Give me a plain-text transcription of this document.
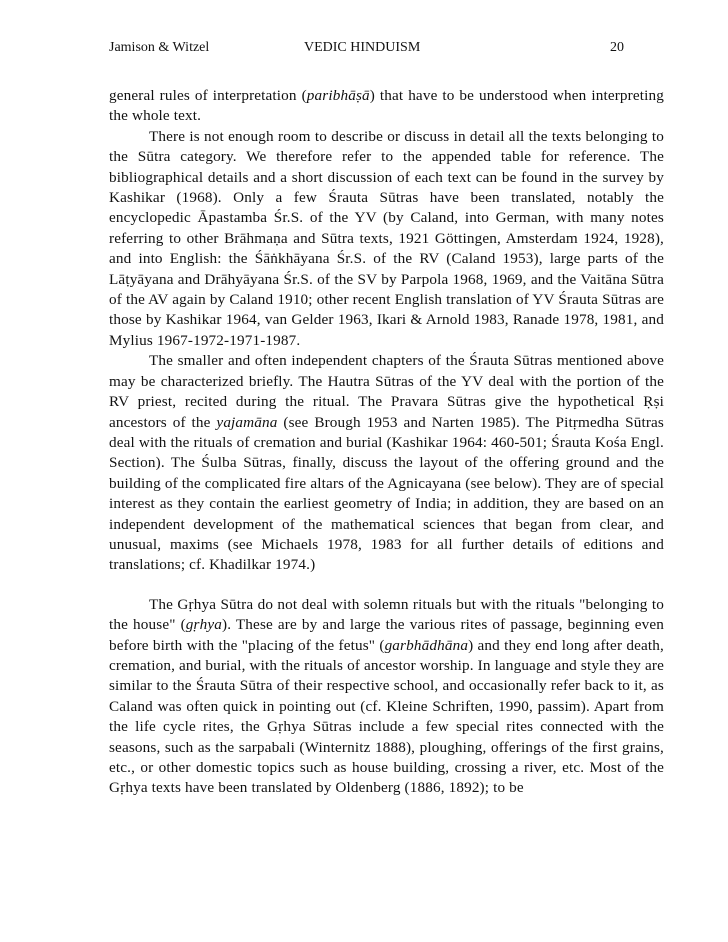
Jamison & Witzel	VEDIC HINDUISM	20

general rules of interpretation (paribhāṣā) that have to be understood when interpreting the whole text.

There is not enough room to describe or discuss in detail all the texts belonging to the Sūtra category. We therefore refer to the appended table for reference. The bibliographical details and a short discussion of each text can be found in the survey by Kashikar (1968). Only a few Śrauta Sūtras have been translated, notably the encyclopedic Āpastamba Śr.S. of the YV (by Caland, into German, with many notes referring to other Brāhmaṇa and Sūtra texts, 1921 Göttingen, Amsterdam 1924, 1928), and into English: the Śāṅkhāyana Śr.S. of the RV (Caland 1953), large parts of the Lāṭyāyana and Drāhyāyana Śr.S. of the SV by Parpola 1968, 1969, and the Vaitāna Sūtra of the AV again by Caland 1910; other recent English translation of YV Śrauta Sūtras are those by Kashikar 1964, van Gelder 1963, Ikari & Arnold 1983, Ranade 1978, 1981, and Mylius 1967-1972-1971-1987.

The smaller and often independent chapters of the Śrauta Sūtras mentioned above may be characterized briefly. The Hautra Sūtras of the YV deal with the portion of the RV priest, recited during the ritual. The Pravara Sūtras give the hypothetical Ṛṣi ancestors of the yajamāna (see Brough 1953 and Narten 1985). The Pitṛmedha Sūtras deal with the rituals of cremation and burial (Kashikar 1964: 460-501; Śrauta Kośa Engl. Section). The Śulba Sūtras, finally, discuss the layout of the offering ground and the building of the complicated fire altars of the Agnicayana (see below). They are of special interest as they contain the earliest geometry of India; in addition, they are based on an independent development of the mathematical sciences that began from clear, and unusual, maxims (see Michaels 1978, 1983 for all further details of editions and translations; cf. Khadilkar 1974.)

The Gṛhya Sūtra do not deal with solemn rituals but with the rituals "belonging to the house" (gṛhya). These are by and large the various rites of passage, beginning even before birth with the "placing of the fetus" (garbhādhāna) and they end long after death, cremation, and burial, with the rituals of ancestor worship. In language and style they are similar to the Śrauta Sūtra of their respective school, and occasionally refer back to it, as Caland was often quick in pointing out (cf. Kleine Schriften, 1990, passim). Apart from the life cycle rites, the Gṛhya Sūtras include a few special rites connected with the seasons, such as the sarpabali (Winternitz 1888), ploughing, offerings of the first grains, etc., or other domestic topics such as house building, crossing a river, etc. Most of the Gṛhya texts have been translated by Oldenberg (1886, 1892); to be
